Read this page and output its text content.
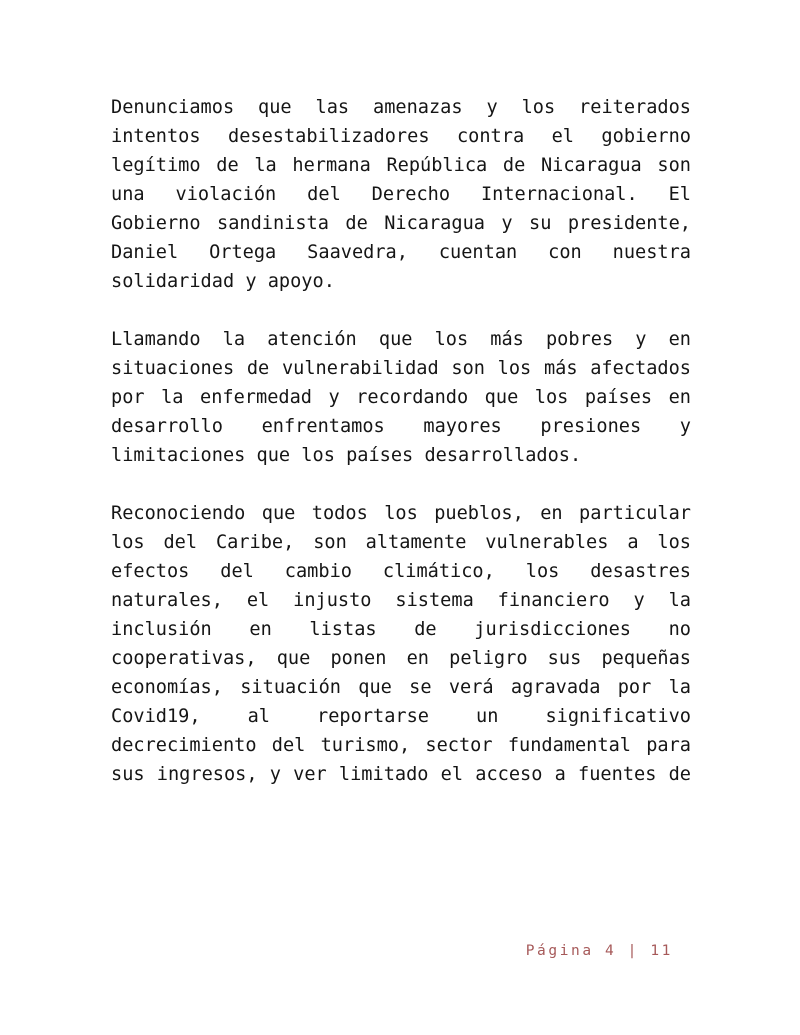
Denunciamos que las amenazas y los reiterados intentos desestabilizadores contra el gobierno legítimo de la hermana República de Nicaragua son una violación del Derecho Internacional. El Gobierno sandinista de Nicaragua y su presidente, Daniel Ortega Saavedra, cuentan con nuestra solidaridad y apoyo.

Llamando la atención que los más pobres y en situaciones de vulnerabilidad son los más afectados por la enfermedad y recordando que los países en desarrollo enfrentamos mayores presiones y limitaciones que los países desarrollados.

Reconociendo que todos los pueblos, en particular los del Caribe, son altamente vulnerables a los efectos del cambio climático, los desastres naturales, el injusto sistema financiero y la inclusión en listas de jurisdicciones no cooperativas, que ponen en peligro sus pequeñas economías, situación que se verá agravada por la Covid19, al reportarse un significativo decrecimiento del turismo, sector fundamental para sus ingresos, y ver limitado el acceso a fuentes de

Página 4 | 11
